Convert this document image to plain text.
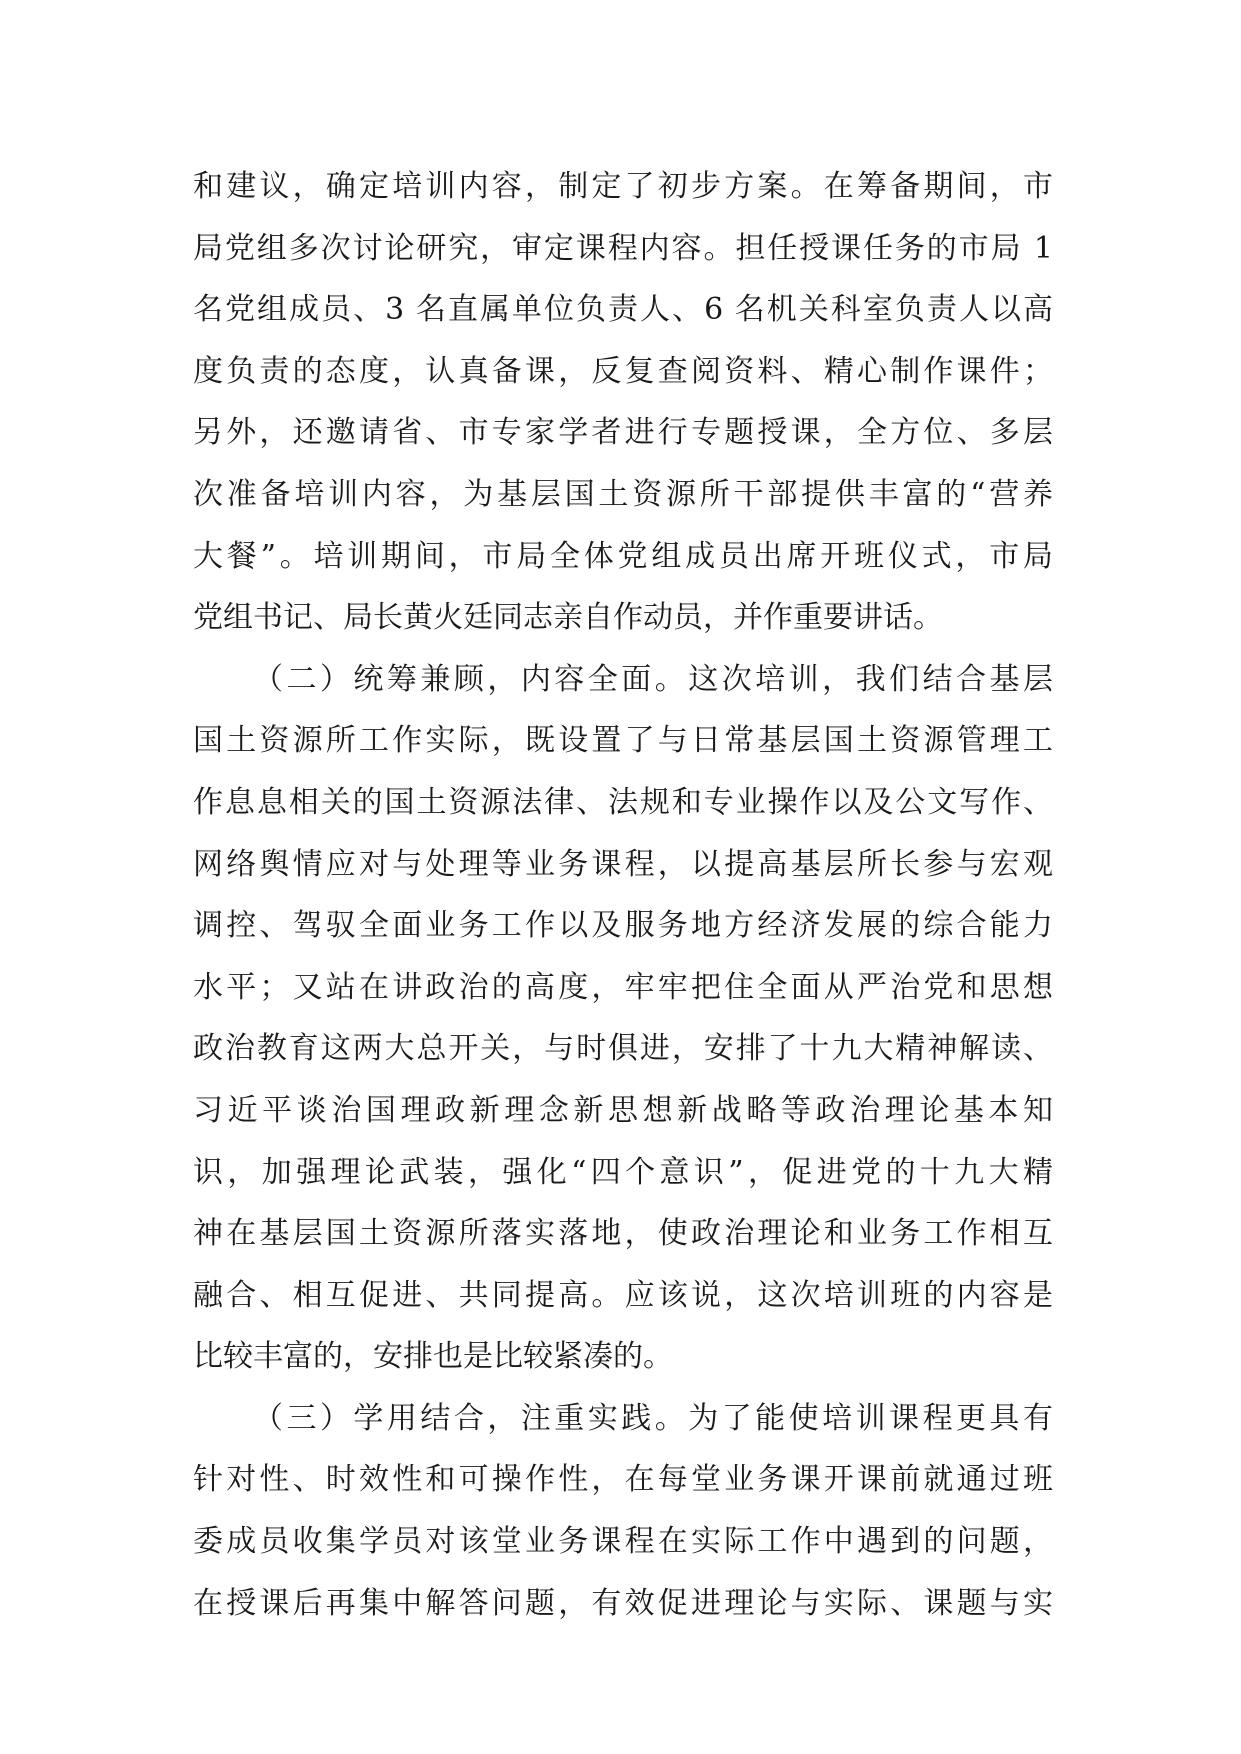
和建议，确定培训内容，制定了初步方案。在筹备期间，市
局党组多次讨论研究，审定课程内容。担任授课任务的市局 1
名党组成员、3 名直属单位负责人、6 名机关科室负责人以高
度负责的态度，认真备课，反复查阅资料、精心制作课件；
另外，还邀请省、市专家学者进行专题授课，全方位、多层
次准备培训内容，为基层国土资源所干部提供丰富的“营养
大餐”。培训期间，市局全体党组成员出席开班仪式，市局
党组书记、局长黄火廷同志亲自作动员，并作重要讲话。
（二）统筹兼顾，内容全面。这次培训，我们结合基层
国土资源所工作实际，既设置了与日常基层国土资源管理工
作息息相关的国土资源法律、法规和专业操作以及公文写作、
网络舆情应对与处理等业务课程，以提高基层所长参与宏观
调控、驾驭全面业务工作以及服务地方经济发展的综合能力
水平；又站在讲政治的高度，牢牢把住全面从严治党和思想
政治教育这两大总开关，与时俱进，安排了十九大精神解读、
习近平谈治国理政新理念新思想新战略等政治理论基本知
识，加强理论武装，强化“四个意识”，促进党的十九大精
神在基层国土资源所落实落地，使政治理论和业务工作相互
融合、相互促进、共同提高。应该说，这次培训班的内容是
比较丰富的，安排也是比较紧凑的。
（三）学用结合，注重实践。为了能使培训课程更具有
针对性、时效性和可操作性，在每堂业务课开课前就通过班
委成员收集学员对该堂业务课程在实际工作中遇到的问题，
在授课后再集中解答问题，有效促进理论与实际、课题与实
